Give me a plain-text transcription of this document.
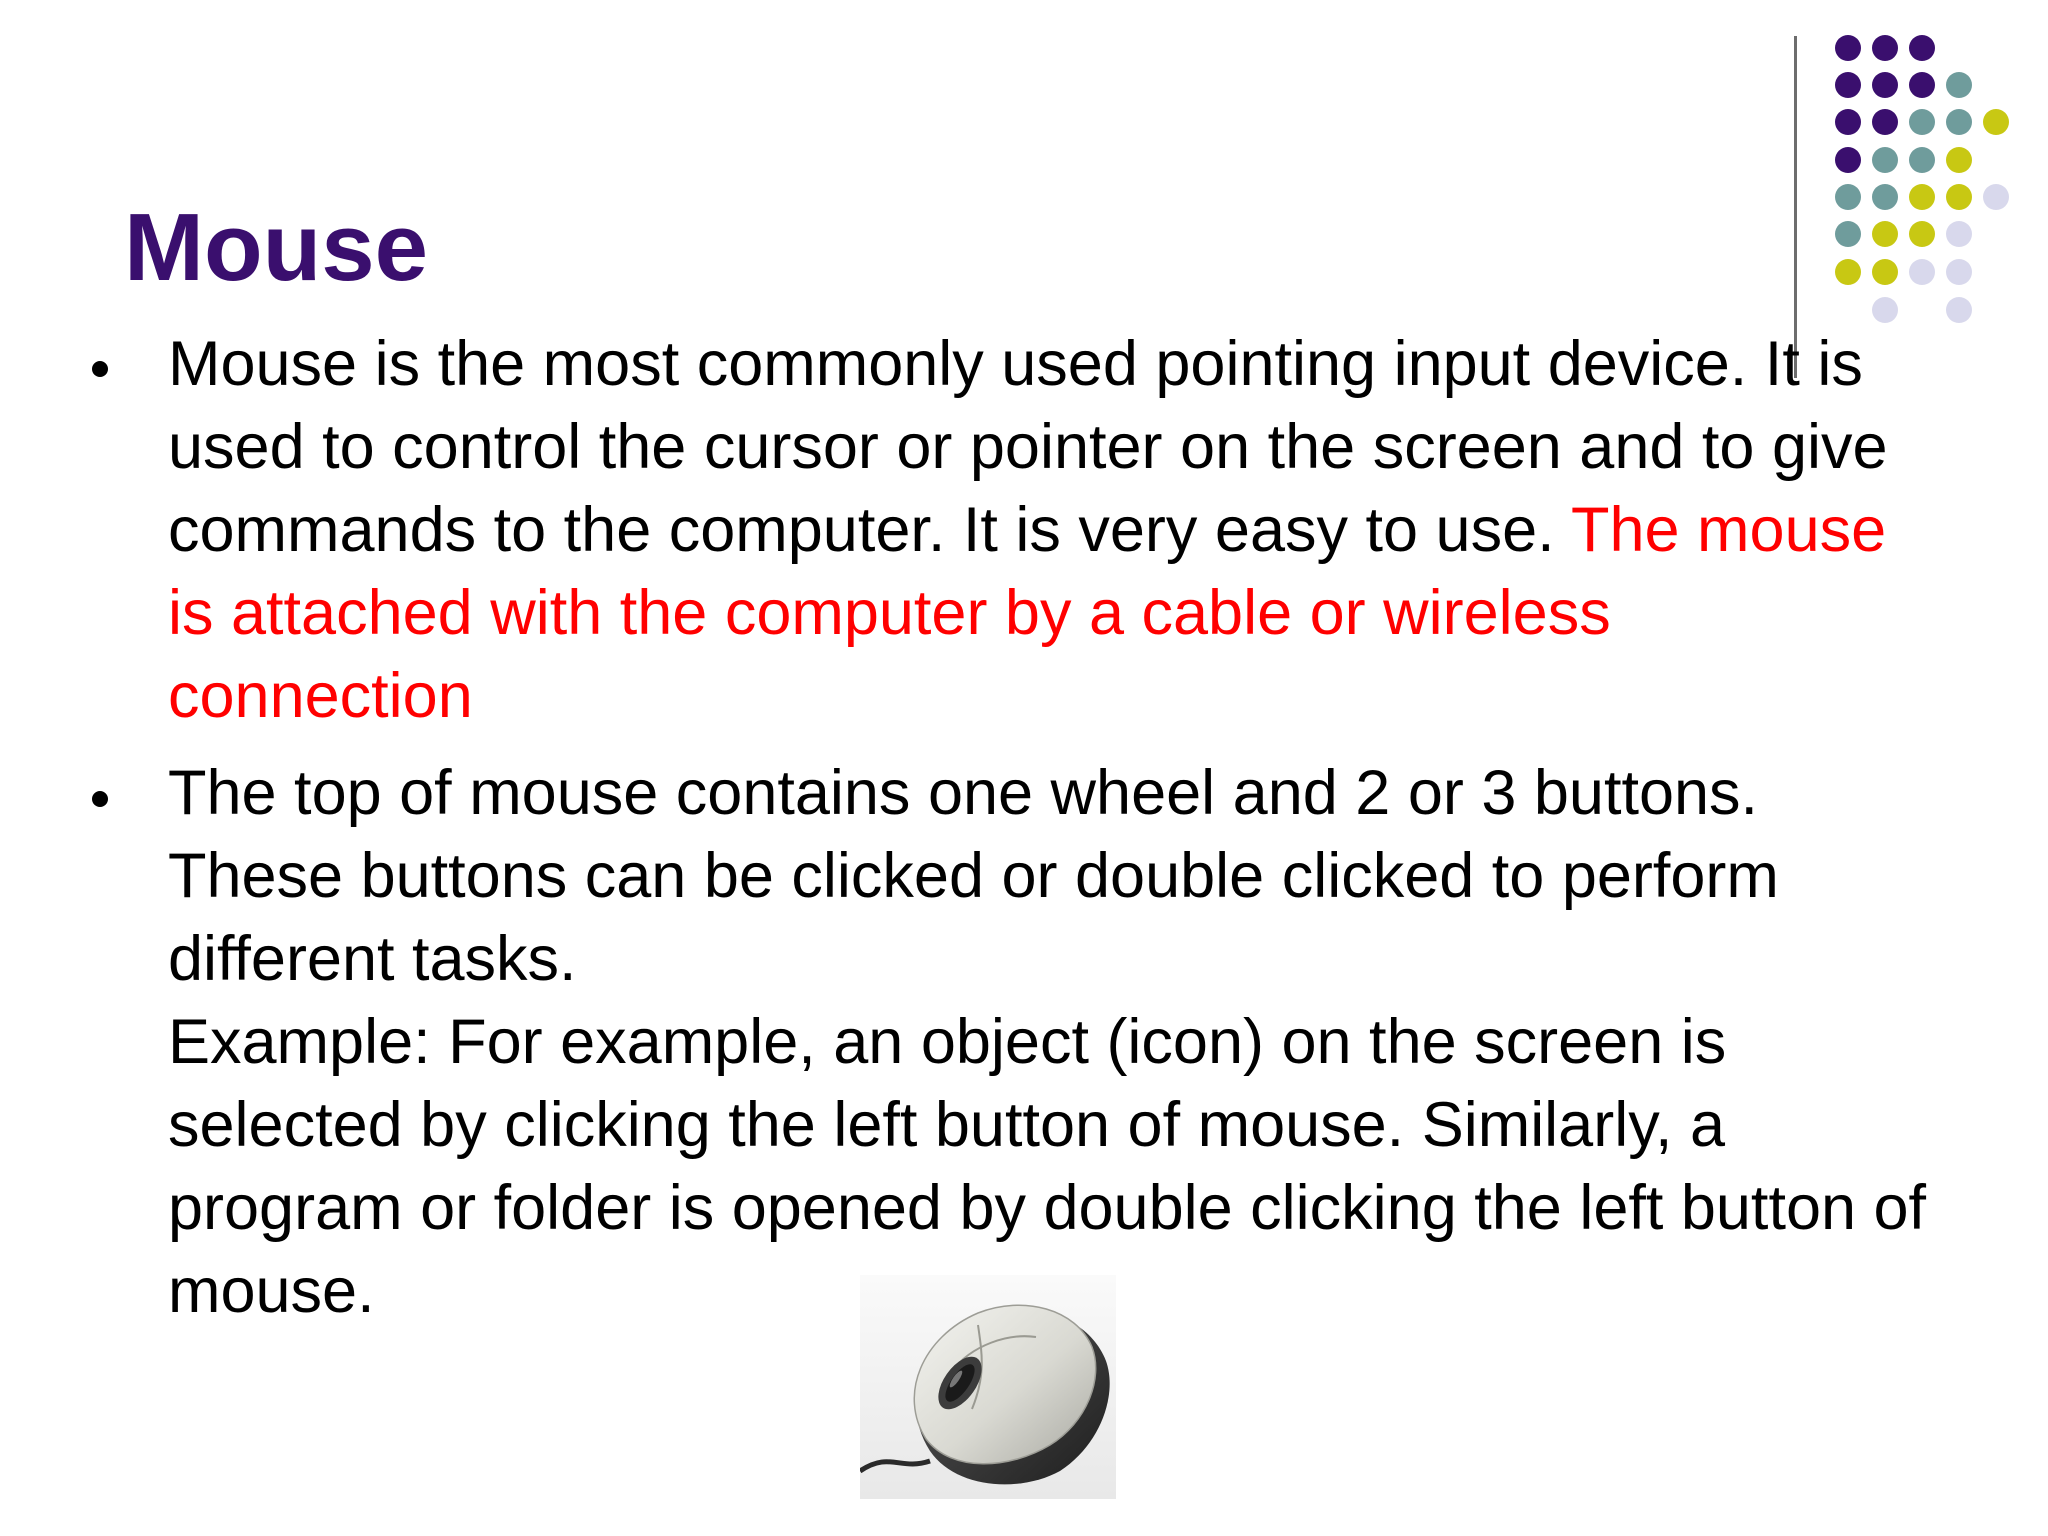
Mouse
Mouse is the most commonly used pointing input device. It is used to control the cursor or pointer on the screen and to give commands to the computer. It is very easy to use. The mouse is attached with the computer by a cable or wireless connection
The top of mouse contains one wheel and 2 or 3 buttons. These buttons can be clicked or double clicked to perform different tasks.
Example: For example, an object (icon) on the screen is selected by clicking the left button of mouse. Similarly, a program or folder is opened by double clicking the left button of mouse.
